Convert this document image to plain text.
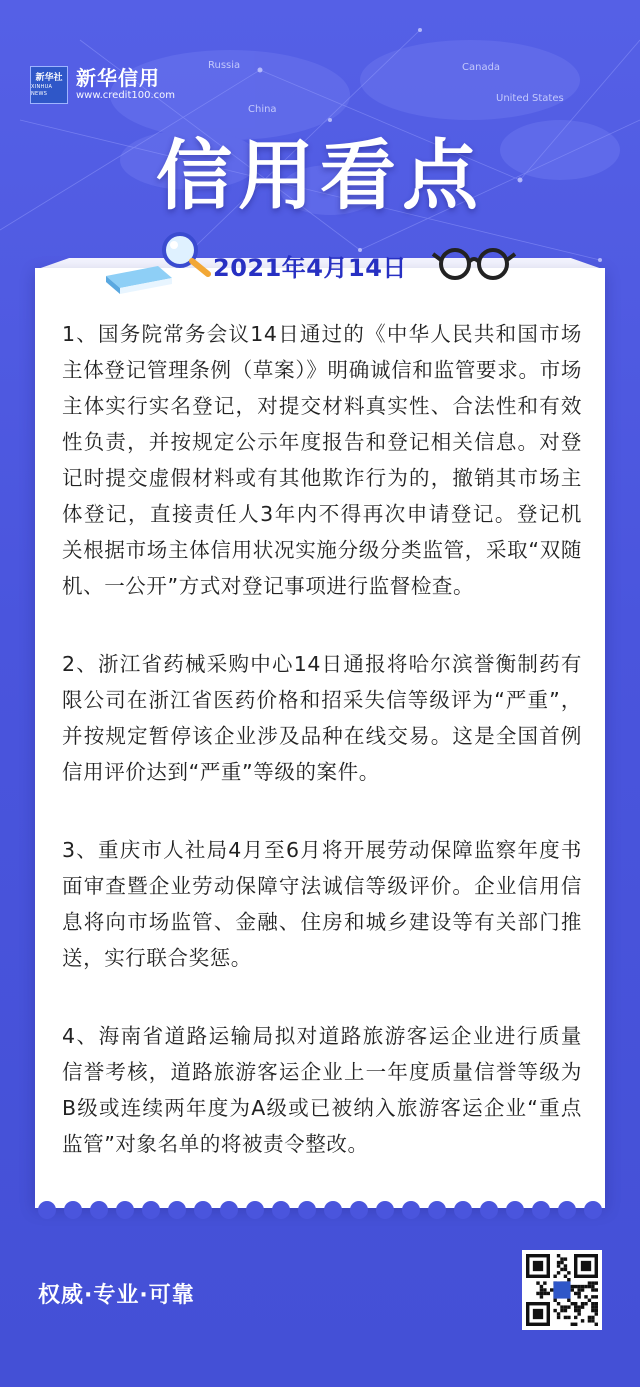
Russia	Canada
United States
China
新华社
XINHUA NEWS
新华信用
www.credit100.com
信用看点
2021年4月14日

1、国务院常务会议14日通过的《中华人民共和国市场主体登记管理条例（草案）》明确诚信和监管要求。市场主体实行实名登记，对提交材料真实性、合法性和有效性负责，并按规定公示年度报告和登记相关信息。对登记时提交虚假材料或有其他欺诈行为的，撤销其市场主体登记，直接责任人3年内不得再次申请登记。登记机关根据市场主体信用状况实施分级分类监管，采取“双随机、一公开”方式对登记事项进行监督检查。

2、浙江省药械采购中心14日通报将哈尔滨誉衡制药有限公司在浙江省医药价格和招采失信等级评为“严重”，并按规定暂停该企业涉及品种在线交易。这是全国首例信用评价达到“严重”等级的案件。

3、重庆市人社局4月至6月将开展劳动保障监察年度书面审查暨企业劳动保障守法诚信等级评价。企业信用信息将向市场监管、金融、住房和城乡建设等有关部门推送，实行联合奖惩。

4、海南省道路运输局拟对道路旅游客运企业进行质量信誉考核，道路旅游客运企业上一年度质量信誉等级为B级或连续两年度为A级或已被纳入旅游客运企业“重点监管”对象名单的将被责令整改。

权威·专业·可靠
